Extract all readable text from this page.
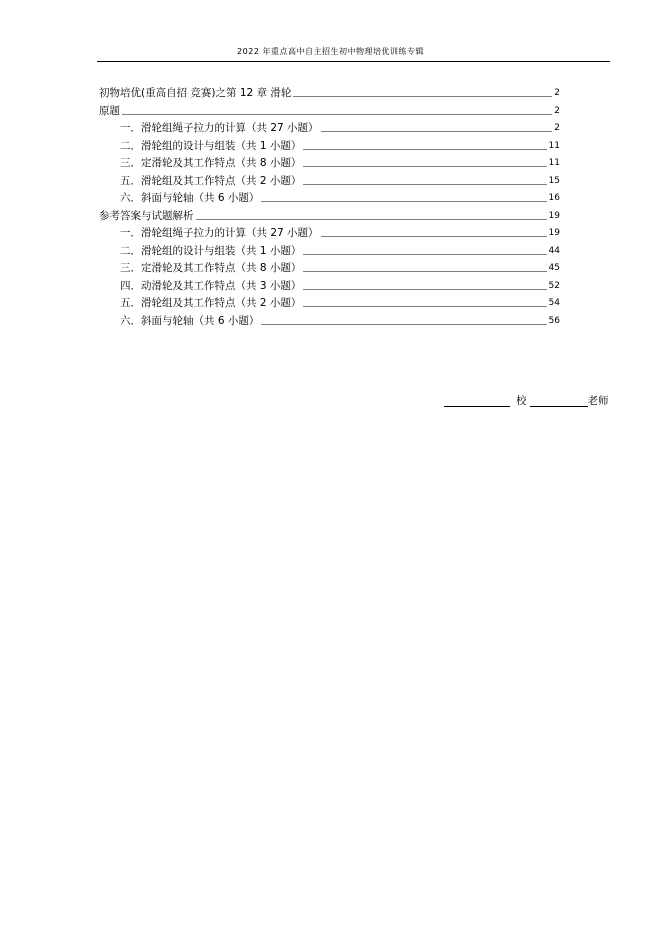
2022 年重点高中自主招生初中物理培优训练专辑
初物培优(重高自招 竞赛)之第 12 章 滑轮	2
原题	2
一．滑轮组绳子拉力的计算（共 27 小题）	2
二．滑轮组的设计与组装（共 1 小题）	11
三．定滑轮及其工作特点（共 8 小题）	11
五．滑轮组及其工作特点（共 2 小题）	15
六．斜面与轮轴（共 6 小题）	16
参考答案与试题解析	19
一．滑轮组绳子拉力的计算（共 27 小题）	19
二．滑轮组的设计与组装（共 1 小题）	44
三．定滑轮及其工作特点（共 8 小题）	45
四．动滑轮及其工作特点（共 3 小题）	52
五．滑轮组及其工作特点（共 2 小题）	54
六．斜面与轮轴（共 6 小题）	56
校	老师
